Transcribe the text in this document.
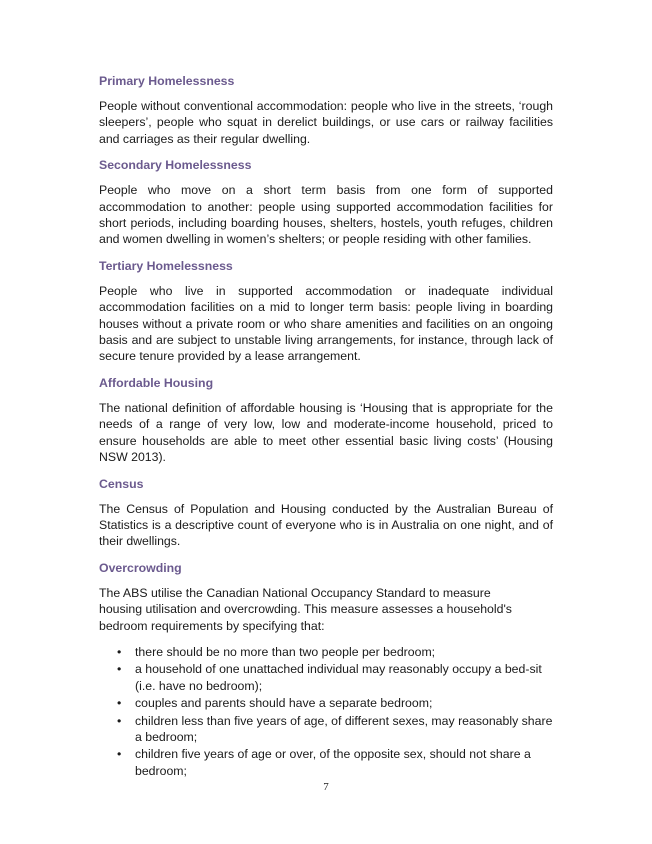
Primary Homelessness

People without conventional accommodation: people who live in the streets, ‘rough sleepers’, people who squat in derelict buildings, or use cars or railway facilities and carriages as their regular dwelling.

Secondary Homelessness

People who move on a short term basis from one form of supported accommodation to another: people using supported accommodation facilities for short periods, including boarding houses, shelters, hostels, youth refuges, children and women dwelling in women’s shelters; or people residing with other families.

Tertiary Homelessness

People who live in supported accommodation or inadequate individual accommodation facilities on a mid to longer term basis: people living in boarding houses without a private room or who share amenities and facilities on an ongoing basis and are subject to unstable living arrangements, for instance, through lack of secure tenure provided by a lease arrangement.

Affordable Housing

The national definition of affordable housing is ‘Housing that is appropriate for the needs of a range of very low, low and moderate-income household, priced to ensure households are able to meet other essential basic living costs’ (Housing NSW 2013).

Census

The Census of Population and Housing conducted by the Australian Bureau of Statistics is a descriptive count of everyone who is in Australia on one night, and of their dwellings.

Overcrowding

The ABS utilise the Canadian National Occupancy Standard to measure housing utilisation and overcrowding. This measure assesses a household's bedroom requirements by specifying that:

• there should be no more than two people per bedroom;
• a household of one unattached individual may reasonably occupy a bed-sit (i.e. have no bedroom);
• couples and parents should have a separate bedroom;
• children less than five years of age, of different sexes, may reasonably share a bedroom;
• children five years of age or over, of the opposite sex, should not share a bedroom;
7
